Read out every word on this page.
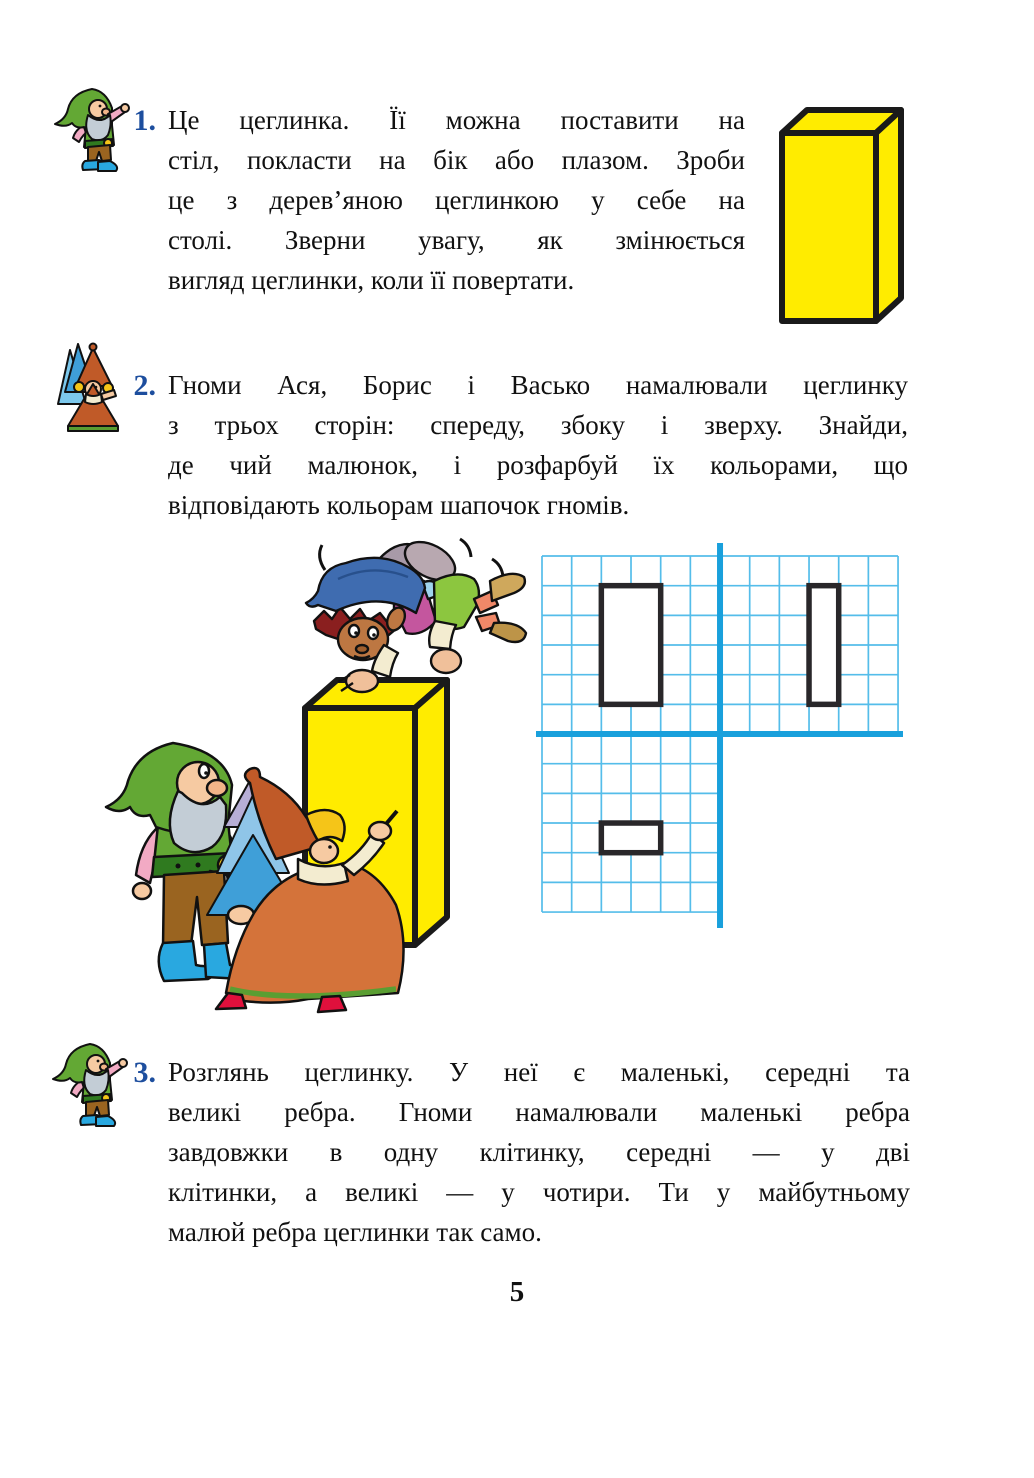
1. Це цеглинка. Її можна поставити на
стіл, покласти на бік або плазом. Зроби
це з дерев’яною цеглинкою у себе на
столі. Зверни увагу, як змінюється
вигляд цеглинки, коли її повертати.
2. Гноми Ася, Борис і Васько намалювали цеглинку
з трьох сторін: спереду, збоку і зверху. Знайди,
де чий малюнок, і розфарбуй їх кольорами, що
відповідають кольорам шапочок гномів.
3. Розглянь цеглинку. У неї є маленькі, середні та
великі ребра. Гноми намалювали маленькі ребра
завдовжки в одну клітинку, середні — у дві
клітинки, а великі — у чотири. Ти у майбутньому
малюй ребра цеглинки так само.
5
